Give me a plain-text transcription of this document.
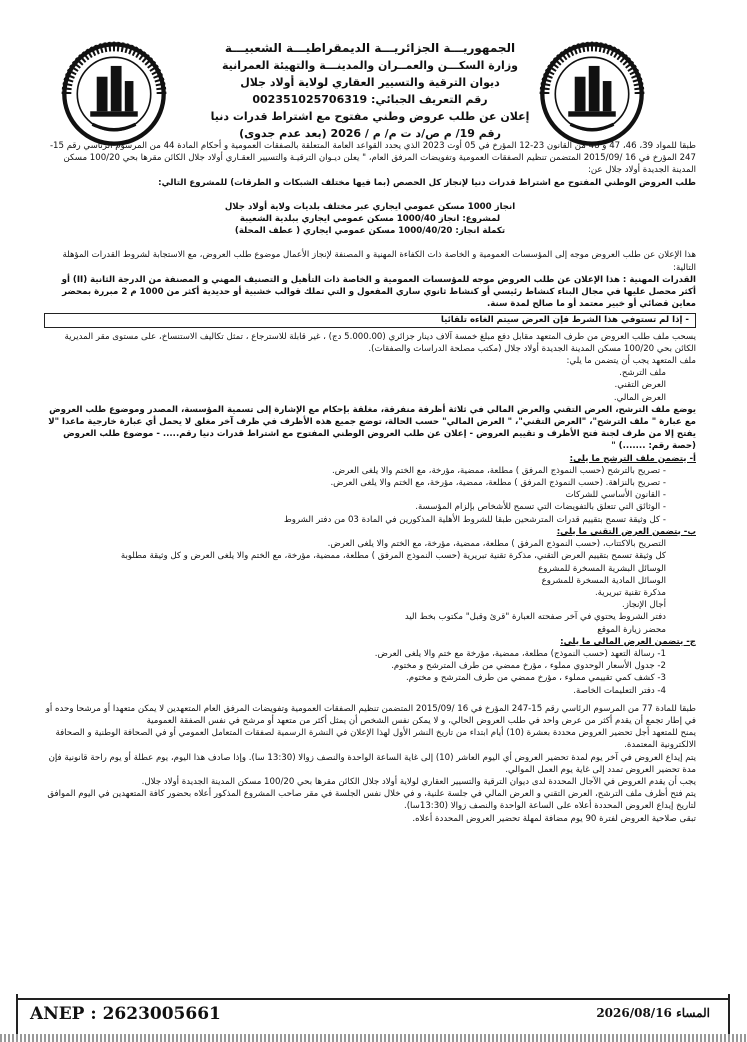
الجمهوريـــة الجزائريـــة الديمقراطيـــة الشعبيـــة
وزارة السكـــن والعمــران والمدينـــة والتهيئة العمرانية
ديوان الترقية والتسيير العقاري لولاية أولاد جلال
رقم التعريف الجبائي: 002351025706319
إعلان عن طلب عروض وطني مفتوح مع اشتراط قدرات دنيا
رقم 19/ م ص/د ت م/ م / 2026 (بعد عدم جدوى)

طبقا للمواد 39، 46، 47 و 48 من القانون 23-12 المؤرخ في 05 أوت 2023 الذي يحدد القواعد العامة المتعلقة بالصفقات العمومية و أحكام المادة 44 من المرسوم الرئاسي رقم 15-247 المؤرخ في 16 /2015/09 المتضمن تنظيم الصفقات العمومية وتفويضات المرفق العام، " يعلن ديـوان الترقيـة والتسيير العقـاري أولاد جلال الكائن مقرها بحي 100/20 مسكن المدينة الجديدة أولاد جلال عن:

طلب العروض الوطني المفتوح مع اشتراط قدرات دنيا لإنجاز كل الحصص (بما فيها مختلف الشبكات و الطرقات) للمشروع التالي:

انجاز 1000 مسكن عمومي ايجاري عبر مختلف بلديات ولاية أولاد جلال

لمشروع: انجاز 1000/40 مسكن عمومي ايجاري ببلدية الشعيبة

تكملة انجاز: 1000/40/20 مسكن عمومي ايجاري ( عطف المحلة)

هذا الإعلان عن طلب العروض موجه إلى المؤسسات العمومية و الخاصة ذات الكفاءة المهنية و المصنفة لإنجاز الأعمال موضوع طلب العروض، مع الاستجابة لشروط القدرات المؤهلة التالية:

القدرات المهنية : هذا الإعلان عن طلب العروض موجه للمؤسسات العمومية و الخاصة ذات التأهيل و التصنيف المهني و المصنفة من الدرجة الثانية (II) أو أكثر محصل عليها في مجال البناء كنشاط رئيسي أو كنشاط ثانوي ساري المفعول و التي تملك قوالب خشبية أو حديدية أكثر من 1000 م 2 مبررة بمحضر معاين قضائي أو خبير معتمد أو ما صالح لمدة سنة.

- إذا لم تستوفي هذا الشرط فإن العرض سيتم الغاءه تلقائيا

يسحب ملف طلب العروض من طرف المتعهد مقابل دفع مبلغ خمسة آلاف دينار جزائري (5.000.00 دج) ، غير قابلة للاسترجاع ، تمثل تكاليف الاستنساخ، على مستوى مقر المديرية الكائن بحي 100/20 مسكن المدينة الجديدة أولاد جلال (مكتب مصلحة الدراسات والصفقات).

ملف المتعهد يجب أن يتضمن ما يلي:

ملف الترشح.
العرض التقني.
العرض المالي.

يوضع ملف الترشح، العرض التقني والعرض المالي في ثلاثة أظرفة منفرقة، مغلقة بإحكام مع الإشارة إلى تسمية المؤسسة، المصدر وموضوع طلب العروض مع عبارة " ملف الترشح"، "العرض التقني"، " العرض المالي" حسب الحالة، توضع جميع هذه الأظرف في ظرف آخر مغلق لا يحمل أي عبارة خارجية ماعدا "لا يفتح إلا من طرف لجنة فتح الأظرف و تقييم العروض - إعلان عن طلب العروض الوطني المفتوح مع اشتراط قدرات دنيا رقم..... - موضوع طلب العروض (حصة رقم: .......) "

أ- يتضمن ملف الترشح ما يلي:

- تصريح بالترشح (حسب النموذج المرفق ) مطلعة، ممضية، مؤرخة، مع الختم والا يلغى العرض.
- تصريح بالنزاهة. (حسب النموذج المرفق ) مطلعة، ممضية، مؤرخة، مع الختم والا يلغى العرض.
- القانون الأساسي للشركات
- الوثائق التي تتعلق بالتفويضات التي تسمح للأشخاص بإلزام المؤسسة.
- كل وثيقة تسمح بتقييم قدرات المترشحين طبقا للشروط الأهلية المذكورين في المادة 03 من دفتر الشروط

ب- يتضمن العرض التقني ما يلي:

التصريح بالاكتتاب، (حسب النموذج المرفق ) مطلعة، ممضية، مؤرخة، مع الختم والا يلغى العرض.
كل وثيقة تسمح بتقييم العرض التقني، مذكرة تقنية تبريرية (حسب النموذج المرفق ) مطلعة، ممضية، مؤرخة، مع الختم والا يلغى العرض و كل وثيقة مطلوبة
الوسائل البشرية المسخرة للمشروع
الوسائل المادية المسخرة للمشروع
مذكرة تقنية تبريرية.
أجال الإنجاز.
دفتر الشروط يحتوي في آخر صفحته العبارة "قرئ وقبل" مكتوب بخط اليد
محضر زيارة الموقع

ج- يتضمن العرض المالي ما يلي:

1- رسالة التعهد (حسب النموذج) مطلعة، ممضية، مؤرخة مع ختم والا يلغى العرض.
2- جدول الأسعار الوحدوي مملوء ، مؤرخ ممضي من طرف المترشح و مختوم.
3- كشف كمي تقييمي مملوء ، مؤرخ ممضي من طرف المترشح و مختوم.
4- دفتر التعليمات الخاصة.

طبقا للمادة 77 من المرسوم الرئاسي رقم 15-247 المؤرخ في 16 /2015/09 المتضمن تنظيم الصفقات العمومية وتفويضات المرفق العام المتعهدين لا يمكن متعهدا أو مرشحا وحده أو في إطار تجمع أن يقدم أكثر من عرض واحد في طلب العروض الحالي، و لا يمكن نفس الشخص أن يمثل أكثر من متعهد أو مرشح في نفس الصفقة العمومية

يمنح للمتعهد أجل تحضير العروض محددة بعشرة (10) أيام ابتداء من تاريخ النشر الأول لهذا الإعلان في النشرة الرسمية لصفقات المتعامل العمومي أو في الصحافة الوطنية و الصحافة الالكترونية المعتمدة.

يتم إيداع العروض في آخر يوم لمدة تحضير العروض أي اليوم العاشر (10) إلى غاية الساعة الواحدة والنصف زوالا (13:30 سا). وإذا صادف هذا اليوم، يوم عطلة أو يوم راحة قانونية فإن مدة تحضير العروض تمدد إلى غاية يوم العمل الموالي.

يجب أن يقدم العروض في الآجال المحددة لدى ديوان الترقية والتسيير العقاري لولاية أولاد جلال الكائن مقرها بحي 100/20 مسكن المدينة الجديدة أولاد جلال.

يتم فتح أظرف ملف الترشح، العرض التقني و العرض المالي في جلسة علنية، و في خلال نفس الجلسة في مقر صاحب المشروع المذكور أعلاه بحضور كافة المتعهدين في اليوم الموافق لتاريخ إيداع العروض المحددة أعلاه على الساعة الواحدة والنصف زوالا (13:30سا).

تبقى صلاحية العروض لفترة 90 يوم مضافة لمهلة تحضير العروض المحددة أعلاه.

ANEP : 2623005661	المساء 2026/08/16
